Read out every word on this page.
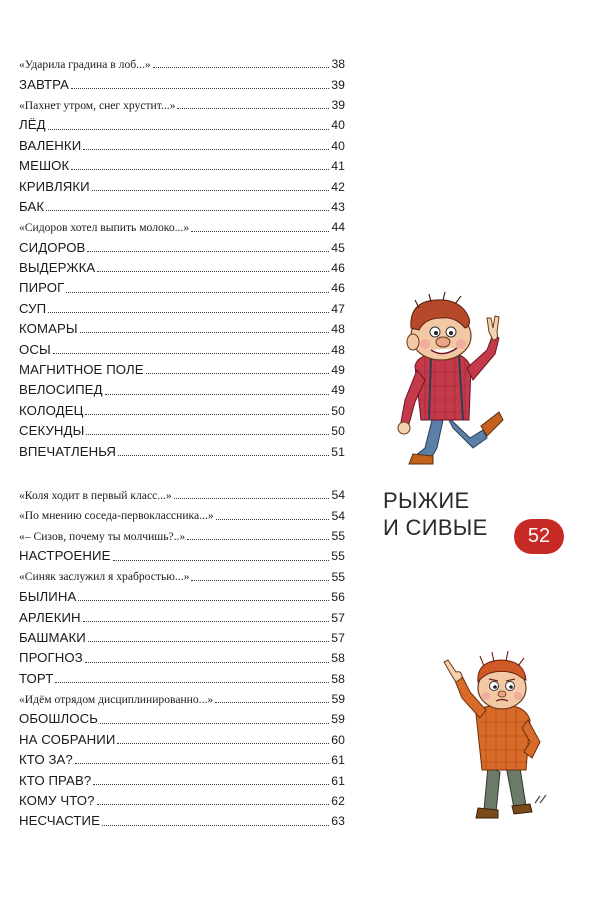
«Ударила градина в лоб...»	38
ЗАВТРА	39
«Пахнет утром, снег хрустит...»	39
ЛЁД	40
ВАЛЕНКИ	40
МЕШОК	41
КРИВЛЯКИ	42
БАК	43
«Сидоров хотел выпить молоко...»	44
СИДОРОВ	45
ВЫДЕРЖКА	46
ПИРОГ	46
СУП	47
КОМАРЫ	48
ОСЫ	48
МАГНИТНОЕ ПОЛЕ	49
ВЕЛОСИПЕД	49
КОЛОДЕЦ	50
СЕКУНДЫ	50
ВПЕЧАТЛЕНЬЯ	51
«Коля ходит в первый класс...»	54
«По мнению соседа-первоклассника...»	54
«– Сизов, почему ты молчишь?..»	55
НАСТРОЕНИЕ	55
«Синяк заслужил я храбростью...»	55
БЫЛИНА	56
АРЛЕКИН	57
БАШМАКИ	57
ПРОГНОЗ	58
ТОРТ	58
«Идём отрядом дисциплинированно...»	59
ОБОШЛОСЬ	59
НА СОБРАНИИ	60
КТО ЗА?	61
КТО ПРАВ?	61
КОМУ ЧТО?	62
НЕСЧАСТИЕ	63
РЫЖИЕ
И СИВЫЕ	52
